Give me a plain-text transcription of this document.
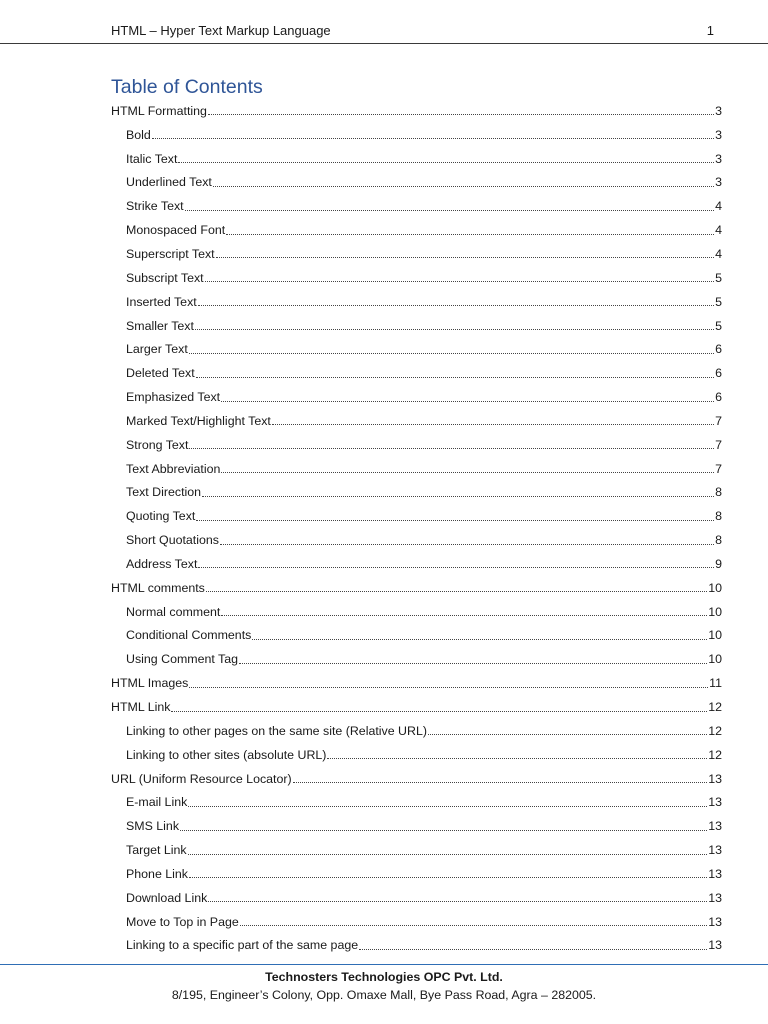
HTML – Hyper Text Markup Language	1
Table of Contents
HTML Formatting	3
Bold	3
Italic Text	3
Underlined Text	3
Strike Text	4
Monospaced Font	4
Superscript Text	4
Subscript Text	5
Inserted Text	5
Smaller Text	5
Larger Text	6
Deleted Text	6
Emphasized Text	6
Marked Text/Highlight Text	7
Strong Text	7
Text Abbreviation	7
Text Direction	8
Quoting Text	8
Short Quotations	8
Address Text	9
HTML comments	10
Normal comment	10
Conditional Comments	10
Using Comment Tag	10
HTML Images	11
HTML Link	12
Linking to other pages on the same site (Relative URL)	12
Linking to other sites (absolute URL)	12
URL (Uniform Resource Locator)	13
E-mail Link	13
SMS Link	13
Target Link	13
Phone Link	13
Download Link	13
Move to Top in Page	13
Linking to a specific part of the same page	13
Technosters Technologies OPC Pvt. Ltd.
8/195, Engineer’s Colony, Opp. Omaxe Mall, Bye Pass Road, Agra – 282005.
